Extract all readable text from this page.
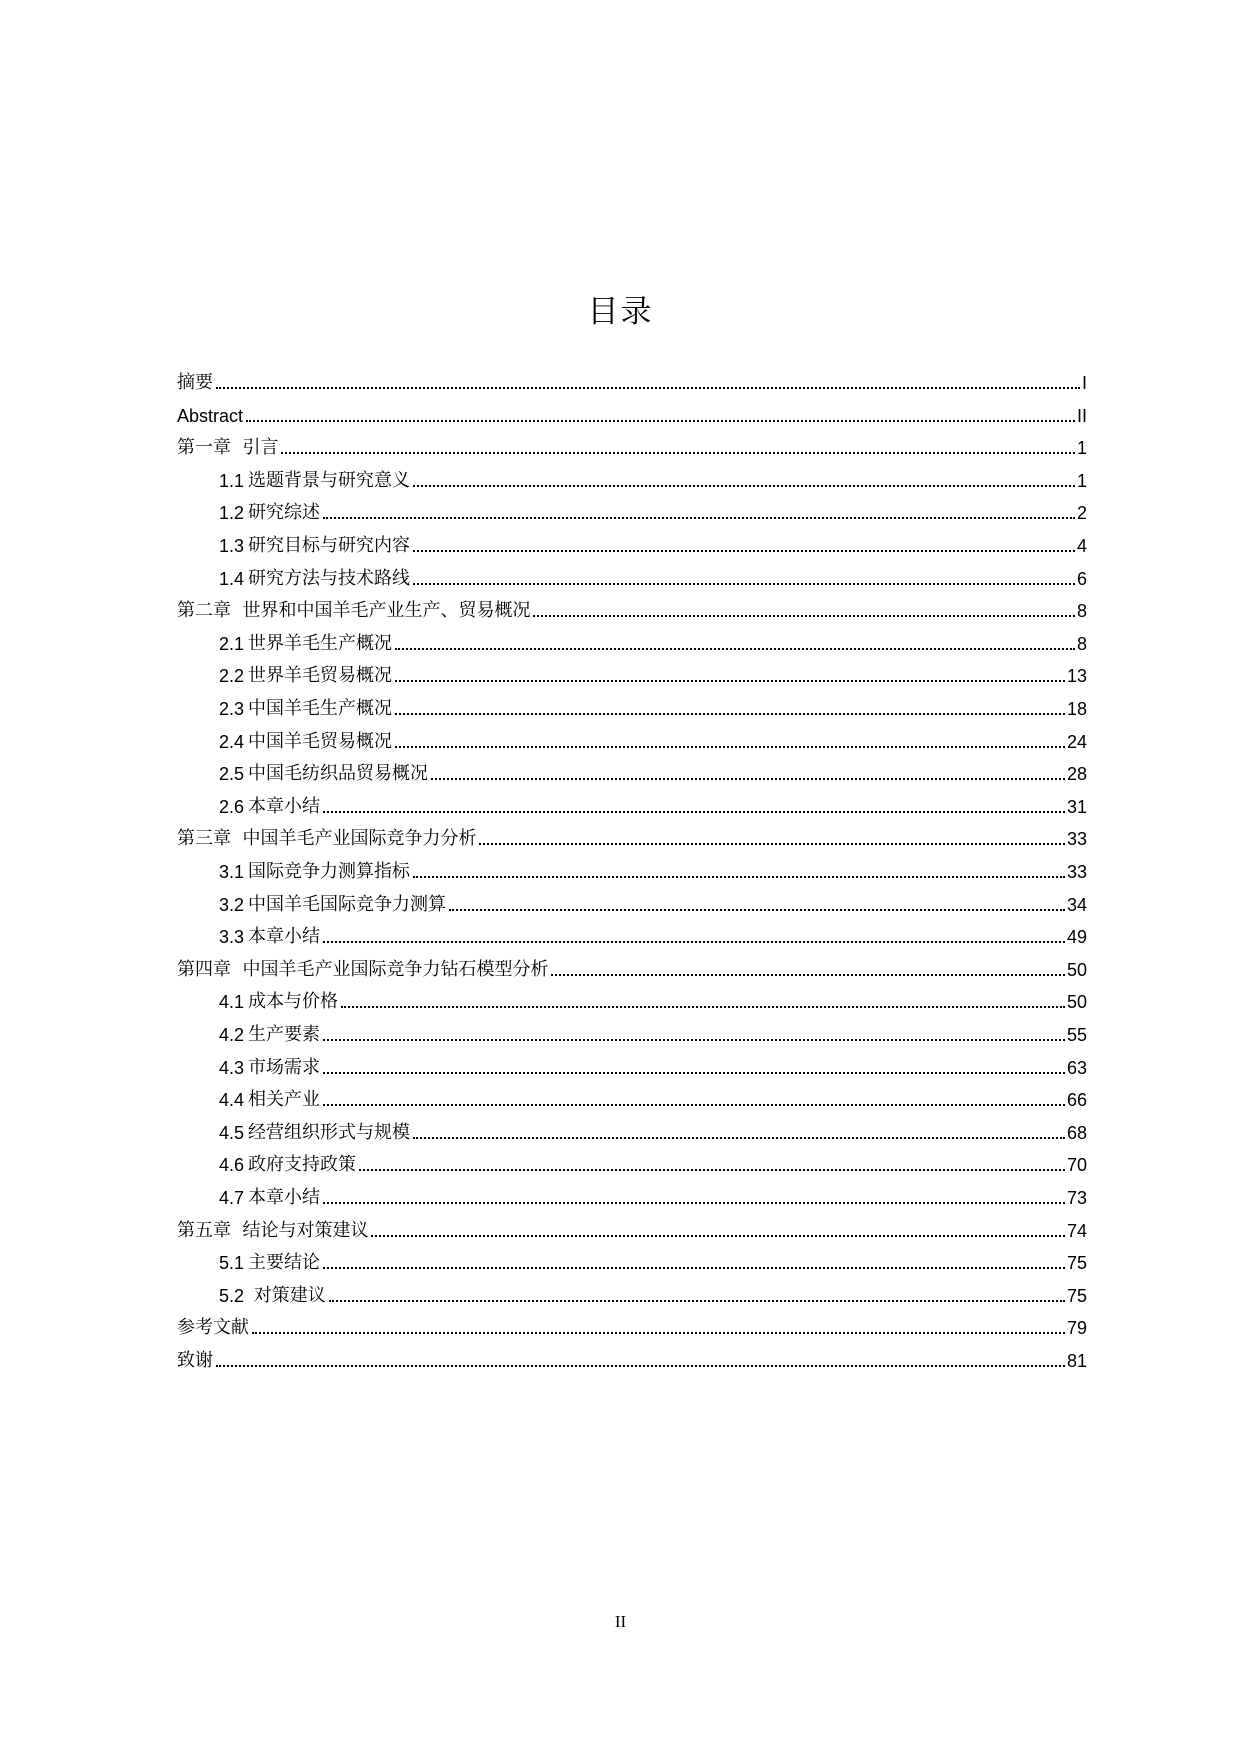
目录
摘要	I
Abstract	II
第一章  引言	1
1.1 选题背景与研究意义	1
1.2 研究综述	2
1.3 研究目标与研究内容	4
1.4 研究方法与技术路线	6
第二章  世界和中国羊毛产业生产、贸易概况	8
2.1 世界羊毛生产概况	8
2.2 世界羊毛贸易概况	13
2.3 中国羊毛生产概况	18
2.4 中国羊毛贸易概况	24
2.5 中国毛纺织品贸易概况	28
2.6 本章小结	31
第三章  中国羊毛产业国际竞争力分析	33
3.1 国际竞争力测算指标	33
3.2 中国羊毛国际竞争力测算	34
3.3 本章小结	49
第四章  中国羊毛产业国际竞争力钻石模型分析	50
4.1 成本与价格	50
4.2 生产要素	55
4.3 市场需求	63
4.4 相关产业	66
4.5 经营组织形式与规模	68
4.6 政府支持政策	70
4.7 本章小结	73
第五章  结论与对策建议	74
5.1 主要结论	75
5.2 对策建议	75
参考文献	79
致谢	81
II
